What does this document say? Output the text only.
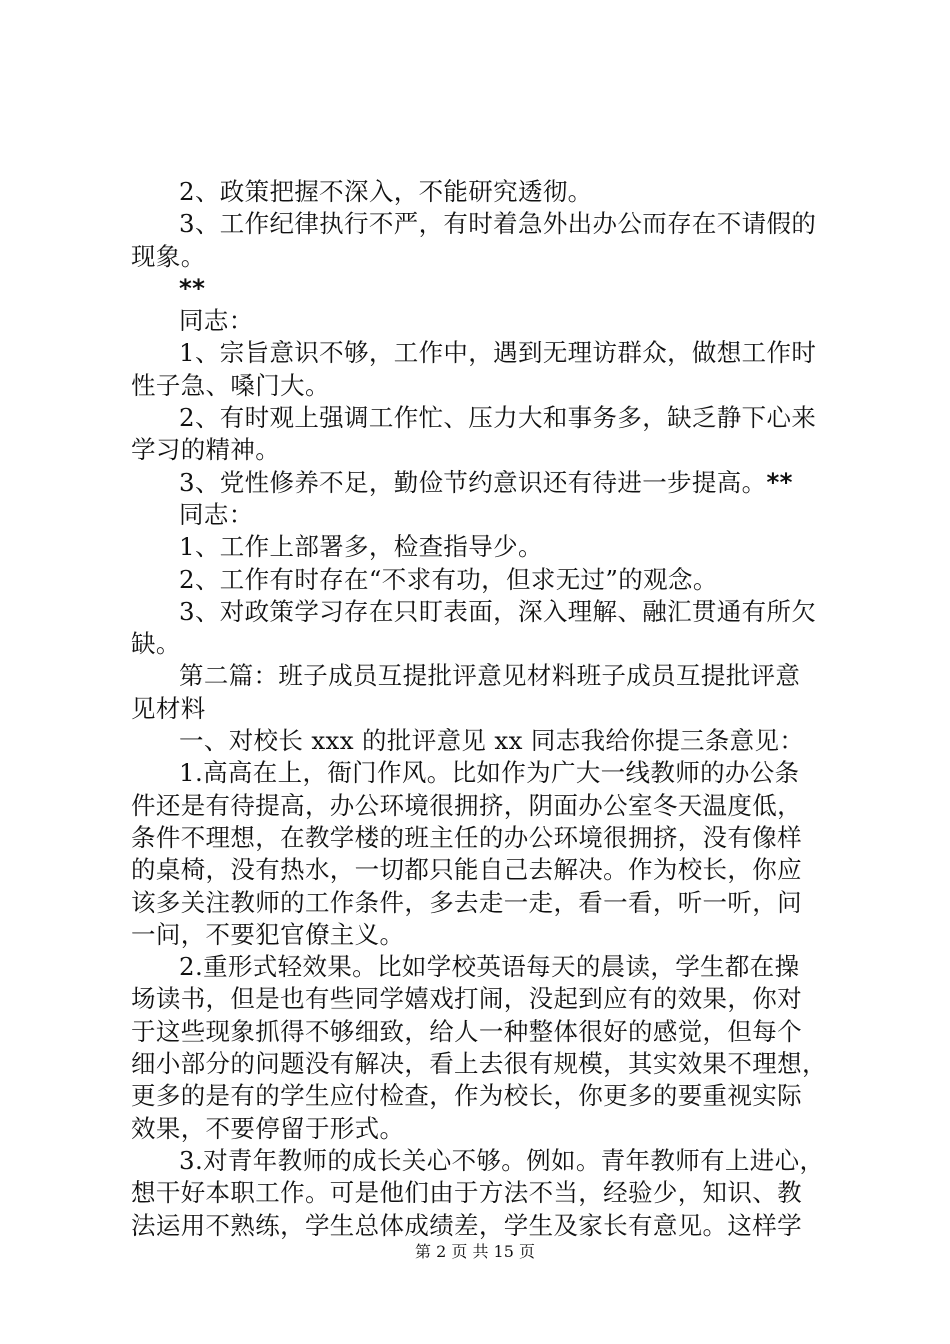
2、政策把握不深入，不能研究透彻。
3、工作纪律执行不严，有时着急外出办公而存在不请假的
现象。
**
同志：
1、宗旨意识不够，工作中，遇到无理访群众，做想工作时
性子急、嗓门大。
2、有时观上强调工作忙、压力大和事务多，缺乏静下心来
学习的精神。
3、党性修养不足，勤俭节约意识还有待进一步提高。**
同志：
1、工作上部署多，检查指导少。
2、工作有时存在“不求有功，但求无过”的观念。
3、对政策学习存在只盯表面，深入理解、融汇贯通有所欠
缺。
第二篇：班子成员互提批评意见材料班子成员互提批评意
见材料
一、对校长 xxx 的批评意见 xx 同志我给你提三条意见：
1.高高在上，衙门作风。比如作为广大一线教师的办公条
件还是有待提高，办公环境很拥挤，阴面办公室冬天温度低，
条件不理想，在教学楼的班主任的办公环境很拥挤，没有像样
的桌椅，没有热水，一切都只能自己去解决。作为校长，你应
该多关注教师的工作条件，多去走一走，看一看，听一听，问
一问，不要犯官僚主义。
2.重形式轻效果。比如学校英语每天的晨读，学生都在操
场读书，但是也有些同学嬉戏打闹，没起到应有的效果，你对
于这些现象抓得不够细致，给人一种整体很好的感觉，但每个
细小部分的问题没有解决，看上去很有规模，其实效果不理想，
更多的是有的学生应付检查，作为校长，你更多的要重视实际
效果，不要停留于形式。
3.对青年教师的成长关心不够。例如。青年教师有上进心，
想干好本职工作。可是他们由于方法不当，经验少，知识、教
法运用不熟练，学生总体成绩差，学生及家长有意见。这样学
第 2 页 共 15 页
